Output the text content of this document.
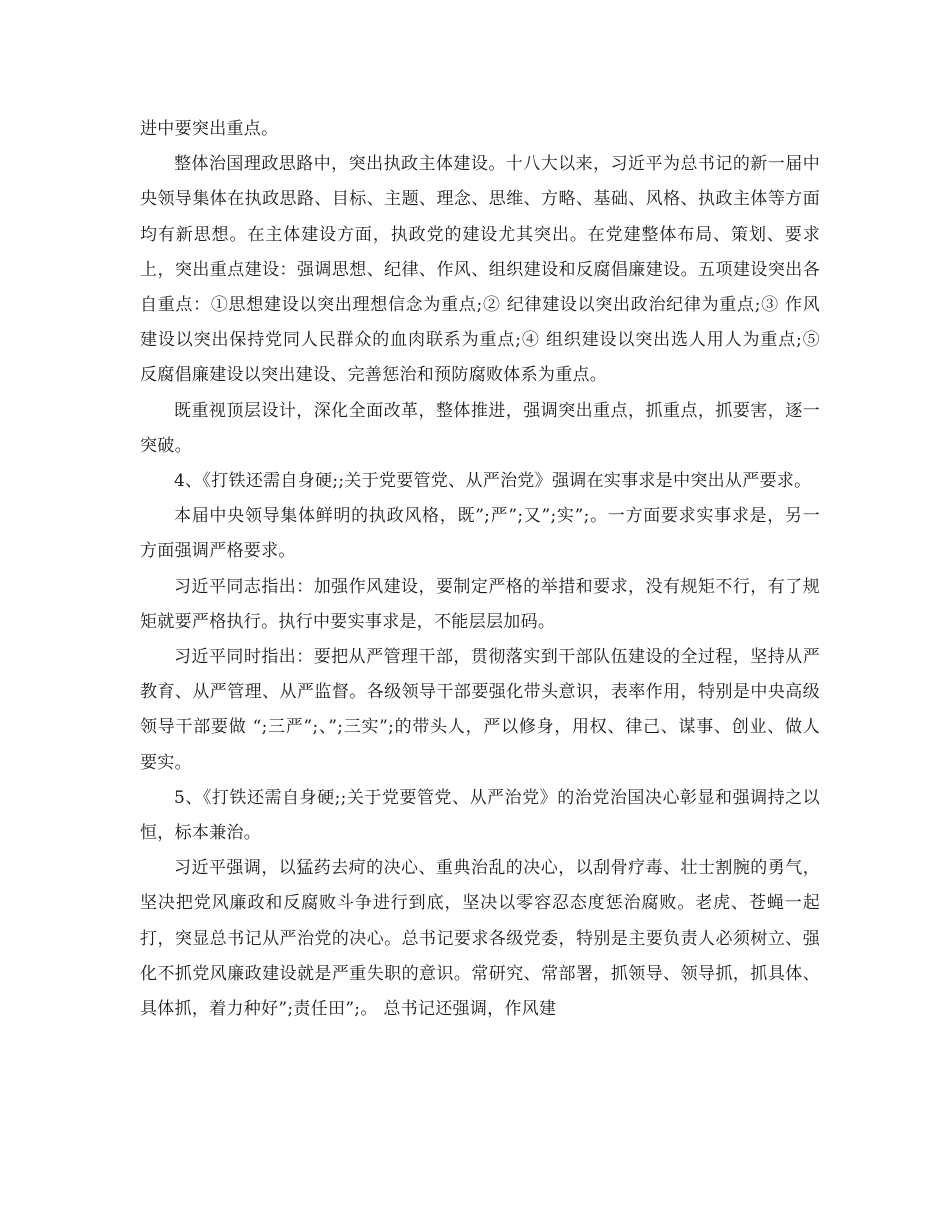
进中要突出重点。

整体治国理政思路中，突出执政主体建设。十八大以来，习近平为总书记的新一届中央领导集体在执政思路、目标、主题、理念、思维、方略、基础、风格、执政主体等方面均有新思想。在主体建设方面，执政党的建设尤其突出。在党建整体布局、策划、要求上，突出重点建设：强调思想、纪律、作风、组织建设和反腐倡廉建设。五项建设突出各自重点：①思想建设以突出理想信念为重点;② 纪律建设以突出政治纪律为重点;③ 作风建设以突出保持党同人民群众的血肉联系为重点;④ 组织建设以突出选人用人为重点;⑤ 反腐倡廉建设以突出建设、完善惩治和预防腐败体系为重点。

既重视顶层设计，深化全面改革，整体推进，强调突出重点，抓重点，抓要害，逐一突破。

4、《打铁还需自身硬;;关于党要管党、从严治党》强调在实事求是中突出从严要求。

本届中央领导集体鲜明的执政风格，既”;严”;又”;实”;。一方面要求实事求是，另一方面强调严格要求。

习近平同志指出：加强作风建设，要制定严格的举措和要求，没有规矩不行，有了规矩就要严格执行。执行中要实事求是，不能层层加码。

习近平同时指出：要把从严管理干部，贯彻落实到干部队伍建设的全过程，坚持从严教育、从严管理、从严监督。各级领导干部要强化带头意识，表率作用，特别是中央高级领导干部要做 “;三严”;、”;三实”;的带头人，严以修身，用权、律己、谋事、创业、做人要实。

5、《打铁还需自身硬;;关于党要管党、从严治党》的治党治国决心彰显和强调持之以恒，标本兼治。

习近平强调，以猛药去疴的决心、重典治乱的决心，以刮骨疗毒、壮士割腕的勇气，坚决把党风廉政和反腐败斗争进行到底，坚决以零容忍态度惩治腐败。老虎、苍蝇一起打，突显总书记从严治党的决心。总书记要求各级党委，特别是主要负责人必须树立、强化不抓党风廉政建设就是严重失职的意识。常研究、常部署，抓领导、领导抓，抓具体、具体抓，着力种好”;责任田”;。 总书记还强调，作风建
